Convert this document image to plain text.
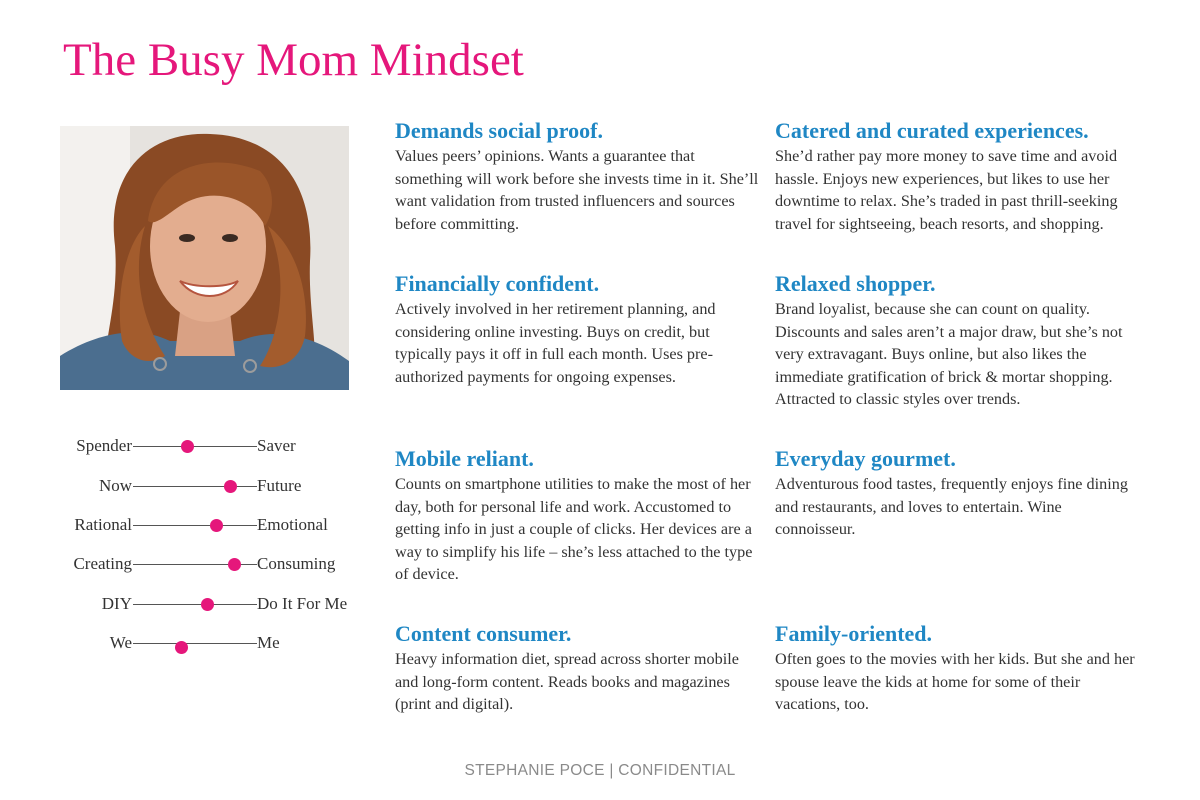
The Busy Mom Mindset
Spender	Saver
Now	Future
Rational	Emotional
Creating	Consuming
DIY	Do It For Me
We	Me
Demands social proof.

Values peers’ opinions. Wants a guarantee that something will work before she invests time in it. She’ll want validation from trusted influencers and sources before committing.

Catered and curated experiences.

She’d rather pay more money to save time and avoid hassle. Enjoys new experiences, but likes to use her downtime to relax. She’s traded in past thrill-seeking travel for sightseeing, beach resorts, and shopping.

Financially confident.

Actively involved in her retirement planning, and considering online investing. Buys on credit, but typically pays it off in full each month. Uses pre-authorized payments for ongoing expenses.

Relaxed shopper.

Brand loyalist, because she can count on quality. Discounts and sales aren’t a major draw, but she’s not very extravagant. Buys online, but also likes the immediate gratification of brick & mortar shopping. Attracted to classic styles over trends.

Mobile reliant.

Counts on smartphone utilities to make the most of her day, both for personal life and work. Accustomed to getting info in just a couple of clicks. Her devices are a way to simplify his life – she’s less attached to the type of device.

Everyday gourmet.

Adventurous food tastes, frequently enjoys fine dining and restaurants, and loves to entertain. Wine connoisseur.

Content consumer.

Heavy information diet, spread across shorter mobile and long-form content. Reads books and magazines (print and digital).

Family-oriented.

Often goes to the movies with her kids. But she and her spouse leave the kids at home for some of their vacations, too.

STEPHANIE POCE | CONFIDENTIAL
